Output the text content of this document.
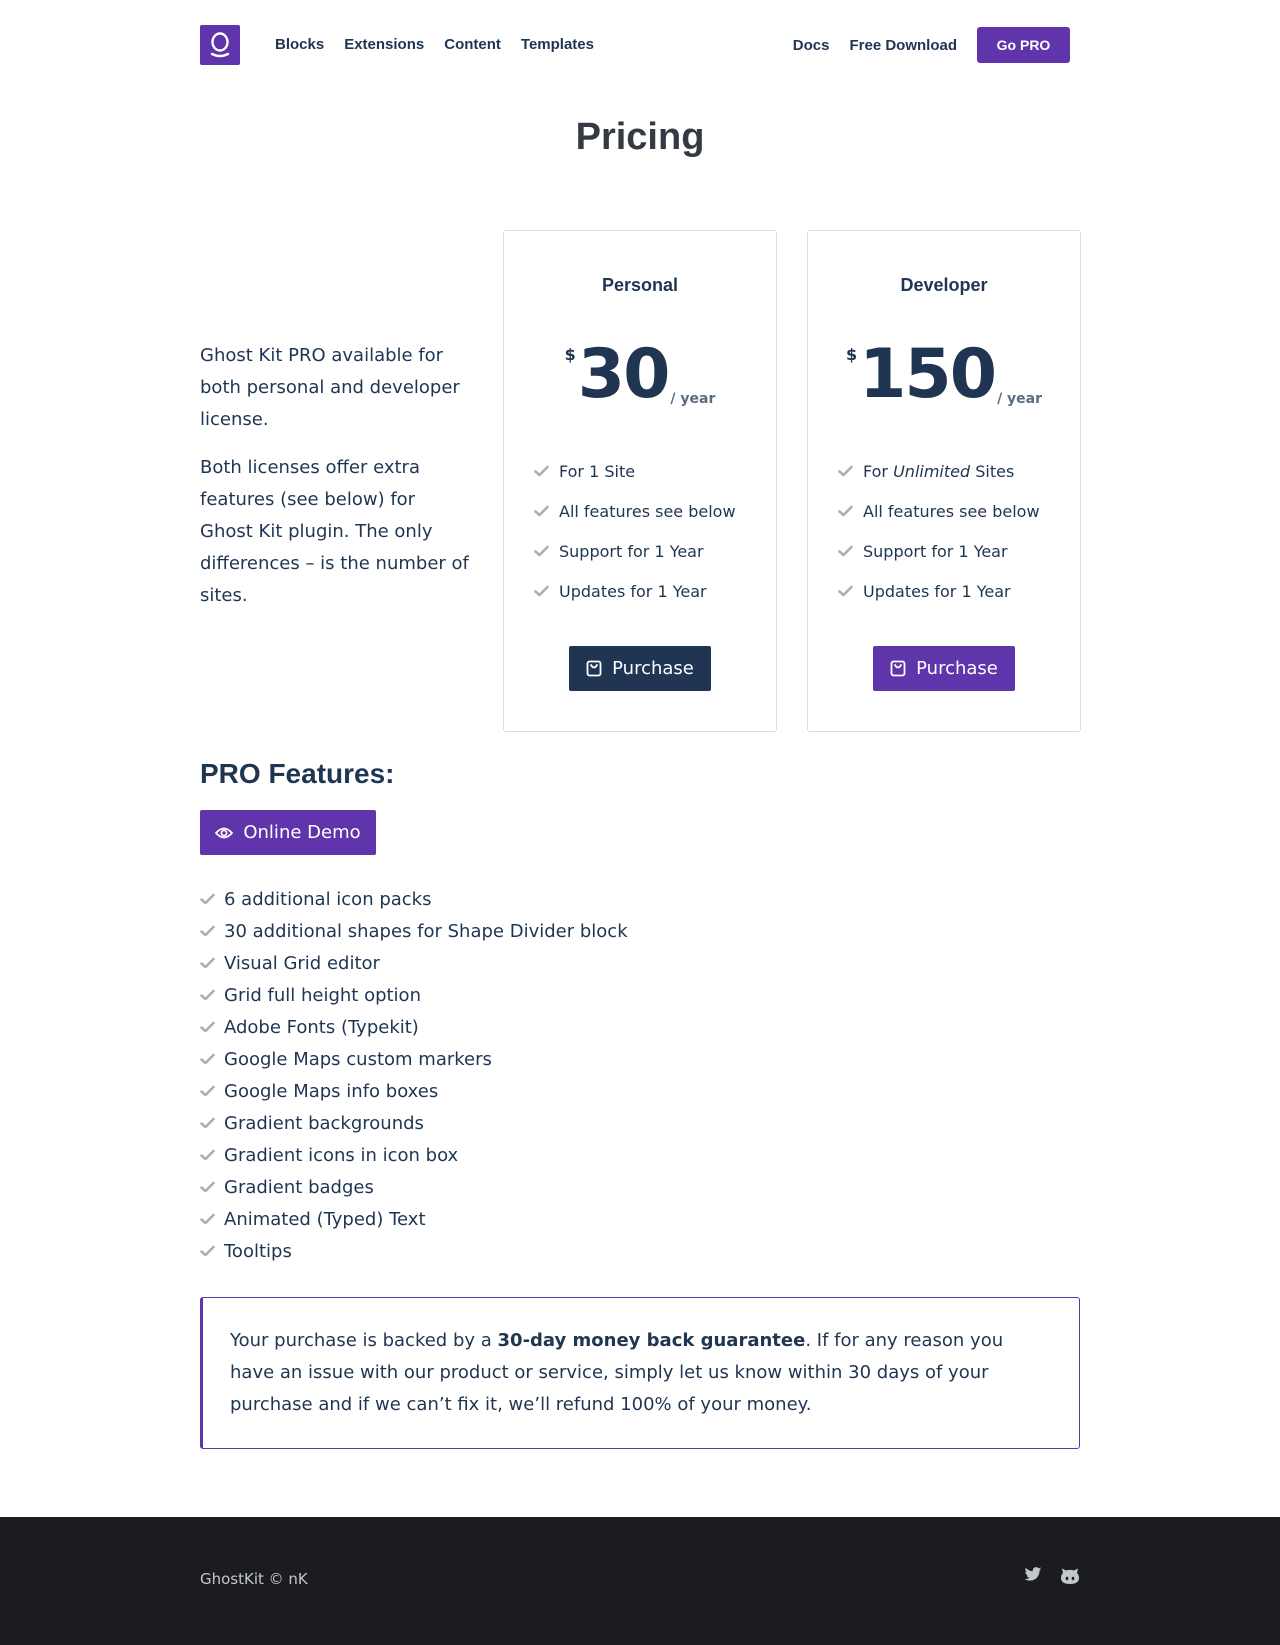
Blocks Extensions Content Templates	Docs Free Download	Go PRO
Pricing

Ghost Kit PRO available for both personal and developer license.

Both licenses offer extra features (see below) for Ghost Kit plugin. The only differences – is the number of sites.

Personal
$ 30 / year
For 1 Site
All features see below
Support for 1 Year
Updates for 1 Year
Purchase
Developer
$ 150 / year
For Unlimited Sites
All features see below
Support for 1 Year
Updates for 1 Year
Purchase
PRO Features:
Online Demo
6 additional icon packs
30 additional shapes for Shape Divider block
Visual Grid editor
Grid full height option
Adobe Fonts (Typekit)
Google Maps custom markers
Google Maps info boxes
Gradient backgrounds
Gradient icons in icon box
Gradient badges
Animated (Typed) Text
Tooltips

Your purchase is backed by a 30-day money back guarantee. If for any reason you have an issue with our product or service, simply let us know within 30 days of your purchase and if we can’t fix it, we’ll refund 100% of your money.

GhostKit © nK
